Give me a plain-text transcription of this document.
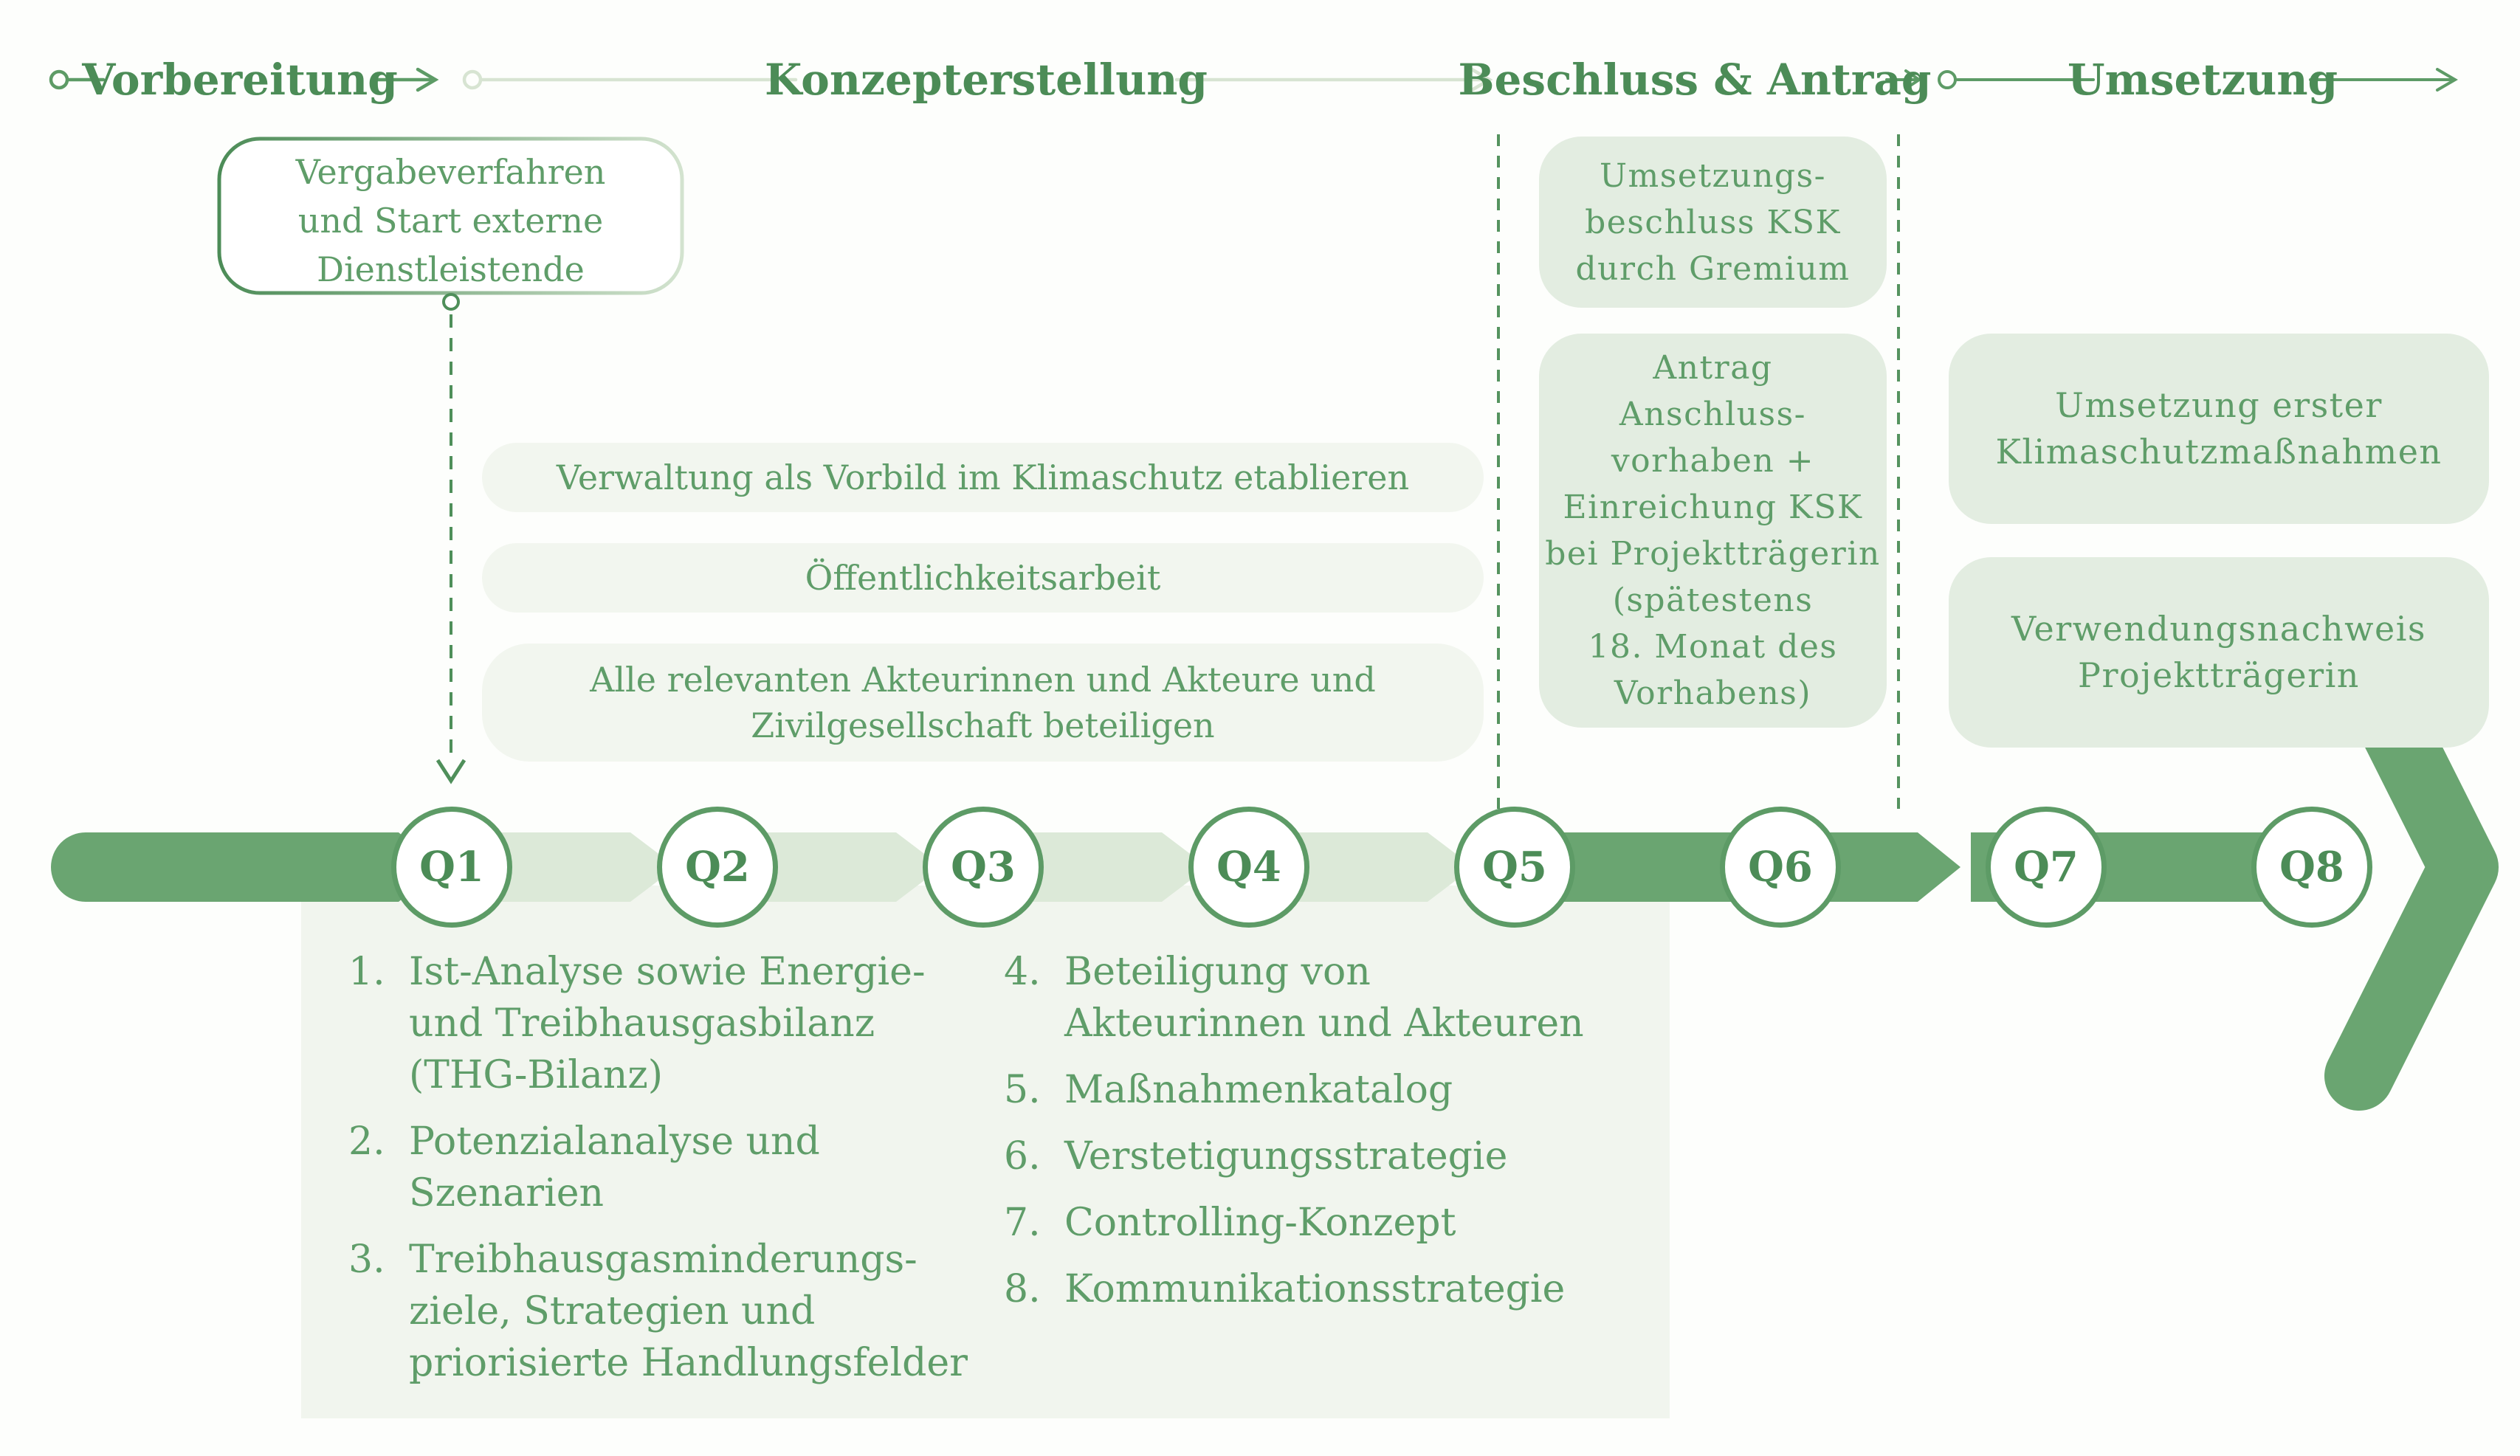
Vorbereitung	Konzepterstellung	Beschluss & Antrag	Umsetzung
Vergabeverfahren
und Start externe
Dienstleistende
Verwaltung als Vorbild im Klimaschutz etablieren
Öffentlichkeitsarbeit
Alle relevanten Akteurinnen und Akteure und
Zivilgesellschaft beteiligen
Umsetzungs-
beschluss KSK
durch Gremium
Antrag
Anschluss-
vorhaben +
Einreichung KSK
bei Projektträgerin
(spätestens
18. Monat des
Vorhabens)
Umsetzung erster
Klimaschutzmaßnahmen
Verwendungsnachweis
Projektträgerin
Q1	Q2	Q3	Q4	Q5	Q6	Q7	Q8
1. Ist-Analyse sowie Energie-
und Treibhausgasbilanz
(THG-Bilanz)
2. Potenzialanalyse und
Szenarien
3. Treibhausgasminderungs-
ziele, Strategien und
priorisierte Handlungsfelder
4. Beteiligung von
Akteurinnen und Akteuren
5. Maßnahmenkatalog
6. Verstetigungsstrategie
7. Controlling-Konzept
8. Kommunikationsstrategie
